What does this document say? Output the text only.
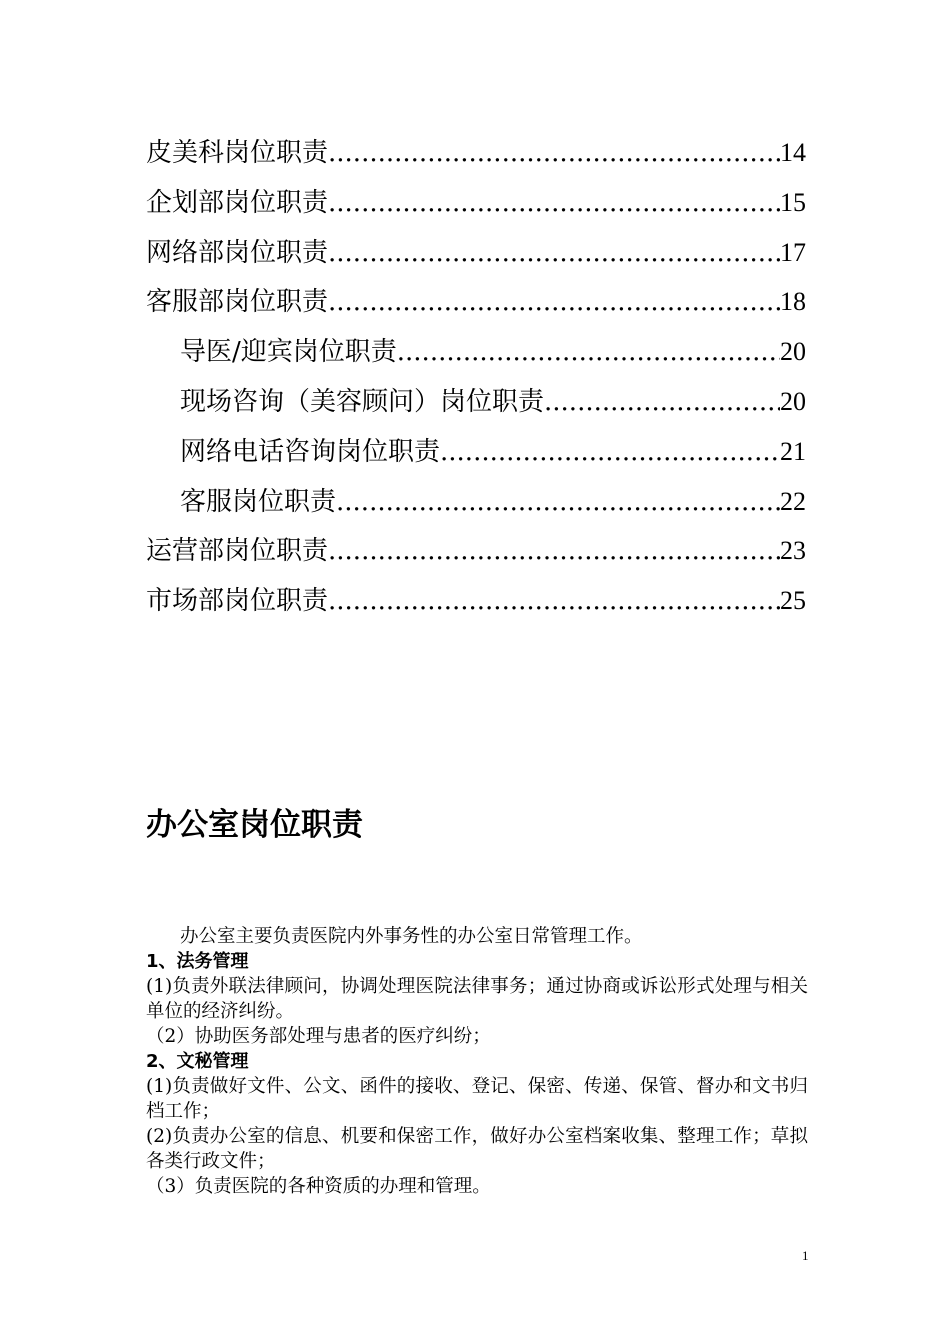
皮美科岗位职责 .....	14
企划部岗位职责 .....	15
网络部岗位职责 .....	17
客服部岗位职责 .....	18
导医/迎宾岗位职责 .....	20
现场咨询（美容顾问）岗位职责 .....	20
网络电话咨询岗位职责 .....	21
客服岗位职责 .....	22
运营部岗位职责 .....	23
市场部岗位职责 .....	25
办公室岗位职责

办公室主要负责医院内外事务性的办公室日常管理工作。

1、法务管理

(1)负责外联法律顾问，协调处理医院法律事务；通过协商或诉讼形式处理与相关单位的经济纠纷。

（2）协助医务部处理与患者的医疗纠纷；

2、文秘管理

(1)负责做好文件、公文、函件的接收、登记、保密、传递、保管、督办和文书归档工作；

(2)负责办公室的信息、机要和保密工作，做好办公室档案收集、整理工作；草拟各类行政文件；

（3）负责医院的各种资质的办理和管理。

1
